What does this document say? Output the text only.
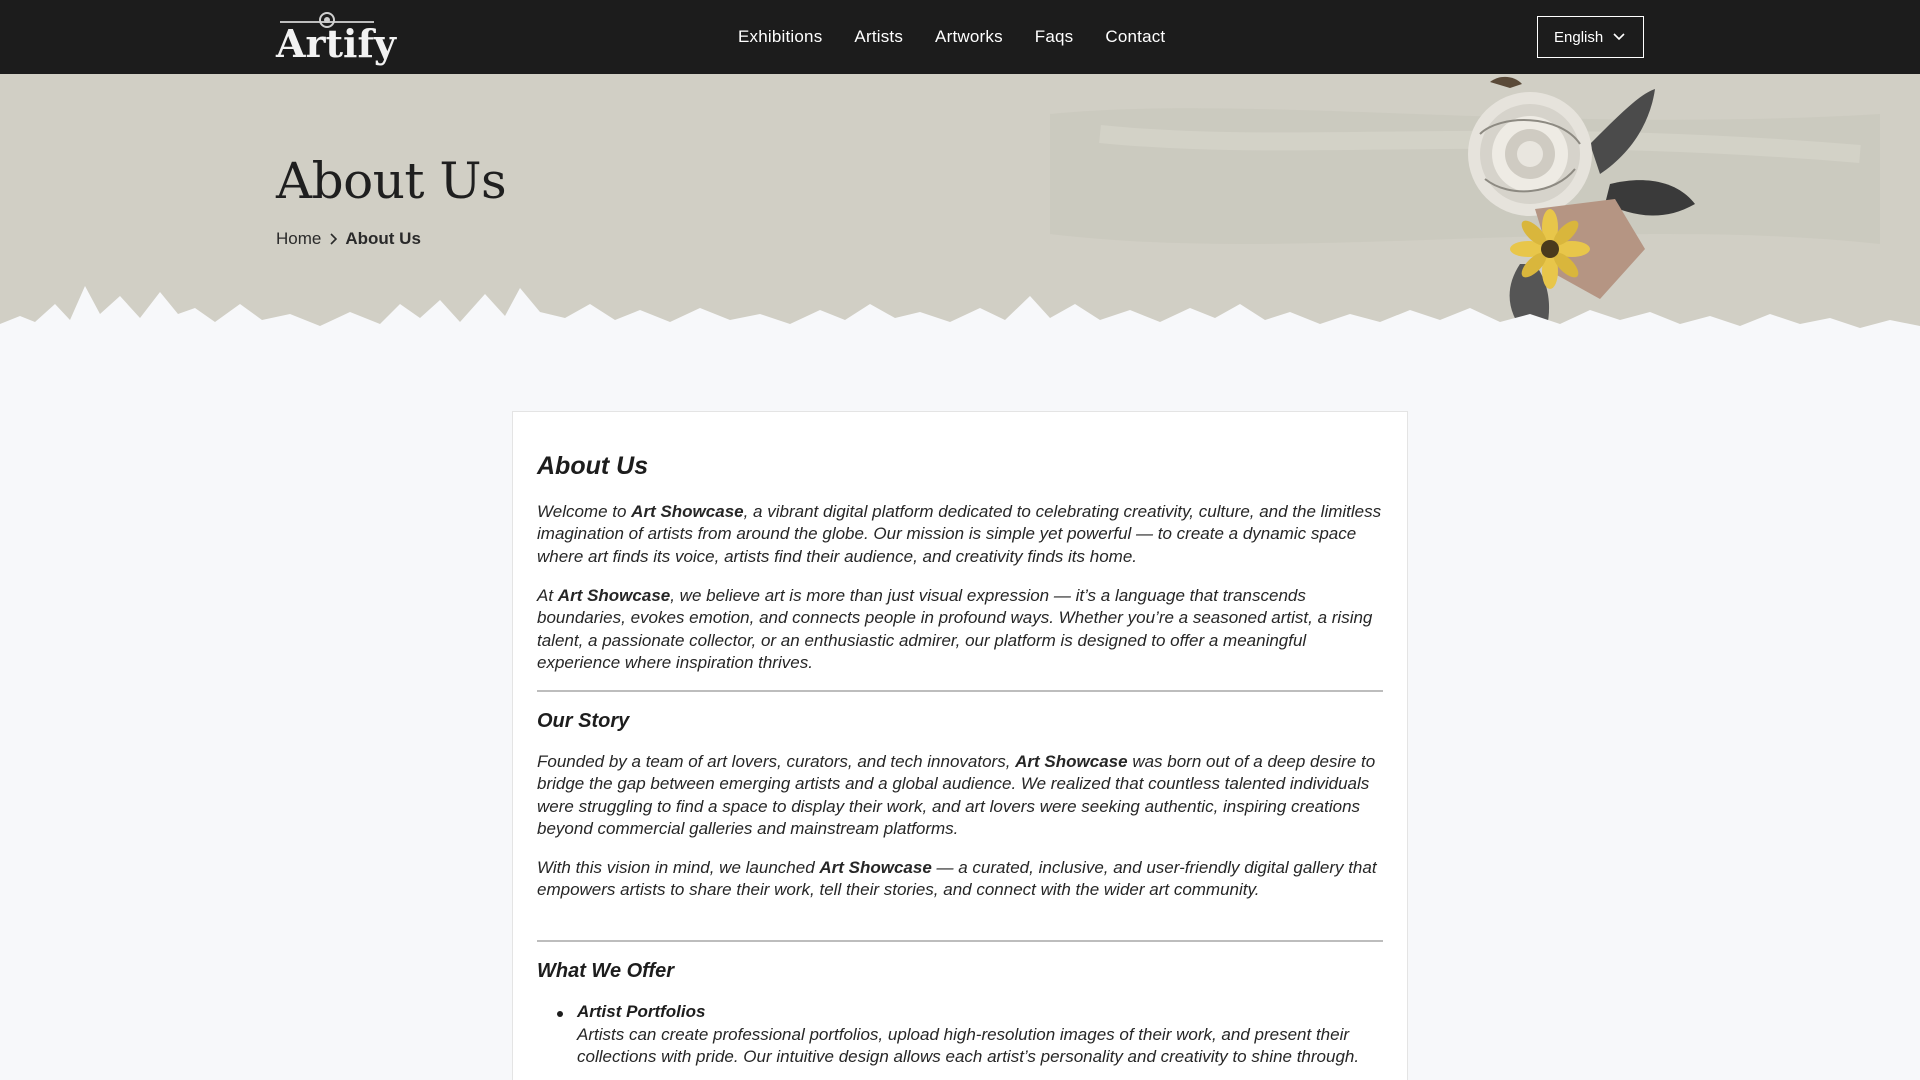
Artify	Exhibitions Artists Artworks Faqs Contact	English
About Us
Home About Us
About Us

Welcome to Art Showcase, a vibrant digital platform dedicated to celebrating creativity, culture, and the limitless imagination of artists from around the globe. Our mission is simple yet powerful — to create a dynamic space where art finds its voice, artists find their audience, and creativity finds its home.

At Art Showcase, we believe art is more than just visual expression — it’s a language that transcends boundaries, evokes emotion, and connects people in profound ways. Whether you’re a seasoned artist, a rising talent, a passionate collector, or an enthusiastic admirer, our platform is designed to offer a meaningful experience where inspiration thrives.

Our Story

Founded by a team of art lovers, curators, and tech innovators, Art Showcase was born out of a deep desire to bridge the gap between emerging artists and a global audience. We realized that countless talented individuals were struggling to find a space to display their work, and art lovers were seeking authentic, inspiring creations beyond commercial galleries and mainstream platforms.

With this vision in mind, we launched Art Showcase — a curated, inclusive, and user-friendly digital gallery that empowers artists to share their work, tell their stories, and connect with the wider art community.

What We Offer
Artist Portfolios

Artists can create professional portfolios, upload high-resolution images of their work, and present their collections with pride. Our intuitive design allows each artist’s personality and creativity to shine through.
